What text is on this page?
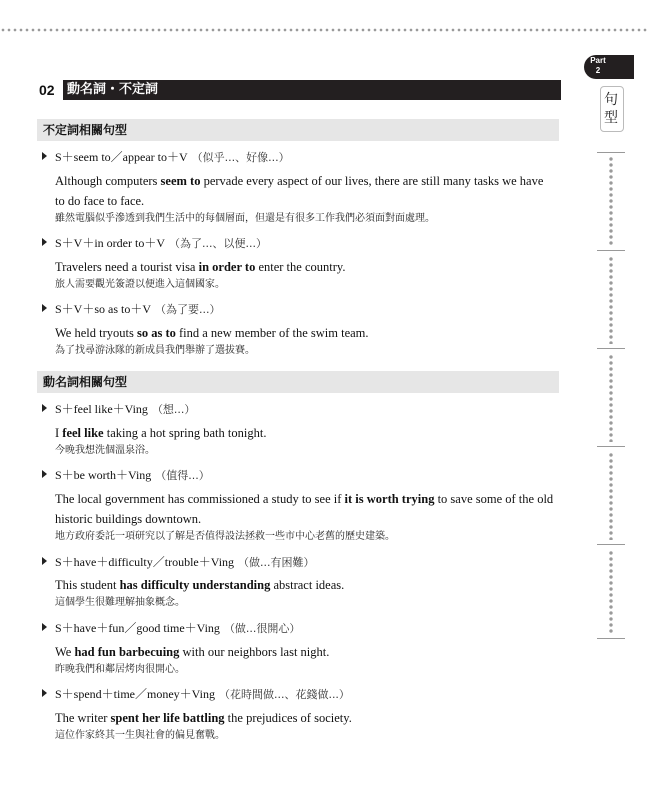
02 動名詞・不定詞
Part
2
句
型
不定詞相關句型
S＋seem to／appear to＋V （似乎...、好像...）
Although computers seem to pervade every aspect of our lives, there are still many tasks we have to do face to face.
雖然電腦似乎滲透到我們生活中的每個層面，但還是有很多工作我們必須面對面處理。
S＋V＋in order to＋V （為了...、以便...）
Travelers need a tourist visa in order to enter the country.
旅人需要觀光簽證以便進入這個國家。
S＋V＋so as to＋V （為了要...）
We held tryouts so as to find a new member of the swim team.
為了找尋游泳隊的新成員我們舉辦了選拔賽。
動名詞相關句型
S＋feel like＋Ving （想...）
I feel like taking a hot spring bath tonight.
今晚我想洗個溫泉浴。
S＋be worth＋Ving （值得...）
The local government has commissioned a study to see if it is worth trying to save some of the old historic buildings downtown.
地方政府委託一項研究以了解是否值得設法拯救一些市中心老舊的歷史建築。
S＋have＋difficulty／trouble＋Ving （做...有困難）
This student has difficulty understanding abstract ideas.
這個學生很難理解抽象概念。
S＋have＋fun／good time＋Ving （做...很開心）
We had fun barbecuing with our neighbors last night.
昨晚我們和鄰居烤肉很開心。
S＋spend＋time／money＋Ving （花時間做...、花錢做...）
The writer spent her life battling the prejudices of society.
這位作家終其一生與社會的偏見奮戰。
